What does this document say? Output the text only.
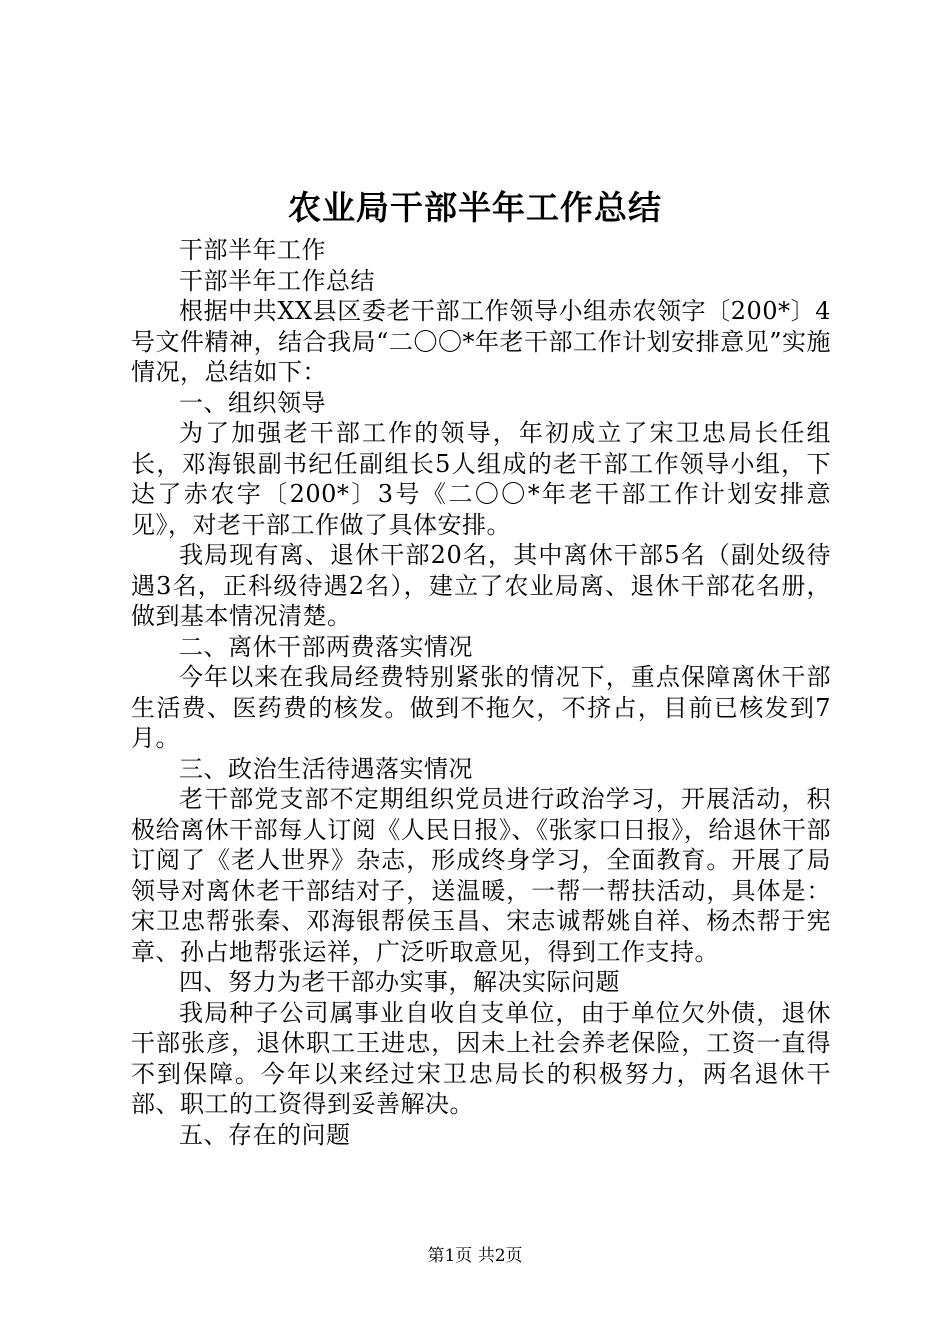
农业局干部半年工作总结

干部半年工作

干部半年工作总结

根据中共XX县区委老干部工作领导小组赤农领字〔200*〕4号文件精神，结合我局“二〇〇*年老干部工作计划安排意见”实施情况，总结如下：

一、组织领导

为了加强老干部工作的领导，年初成立了宋卫忠局长任组长，邓海银副书纪任副组长5人组成的老干部工作领导小组，下达了赤农字〔200*〕3号《二〇〇*年老干部工作计划安排意见》，对老干部工作做了具体安排。

我局现有离、退休干部20名，其中离休干部5名（副处级待遇3名，正科级待遇2名），建立了农业局离、退休干部花名册，做到基本情况清楚。

二、离休干部两费落实情况

今年以来在我局经费特别紧张的情况下，重点保障离休干部生活费、医药费的核发。做到不拖欠，不挤占，目前已核发到7月。

三、政治生活待遇落实情况

老干部党支部不定期组织党员进行政治学习，开展活动，积极给离休干部每人订阅《人民日报》、《张家口日报》，给退休干部订阅了《老人世界》杂志，形成终身学习，全面教育。开展了局领导对离休老干部结对子，送温暖，一帮一帮扶活动，具体是：宋卫忠帮张秦、邓海银帮侯玉昌、宋志诚帮姚自祥、杨杰帮于宪章、孙占地帮张运祥，广泛听取意见，得到工作支持。

四、努力为老干部办实事，解决实际问题

我局种子公司属事业自收自支单位，由于单位欠外债，退休干部张彦，退休职工王进忠，因未上社会养老保险，工资一直得不到保障。今年以来经过宋卫忠局长的积极努力，两名退休干部、职工的工资得到妥善解决。

五、存在的问题

第1页 共2页
